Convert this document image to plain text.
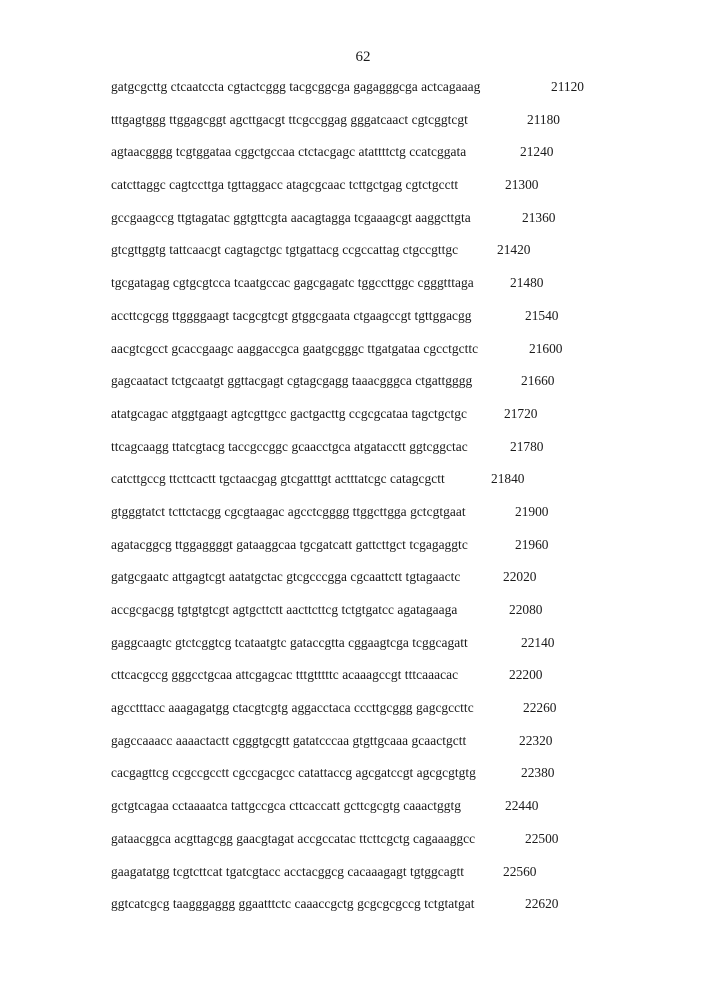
62
gatgcgcttg ctcaatccta cgtactcggg tacgcggcga gagagggcga actcagaaag	21120
tttgagtggg ttggagcggt agcttgacgt ttcgccggag gggatcaact cgtcggtcgt	21180
agtaacgggg tcgtggataa cggctgccaa ctctacgagc atattttctg ccatcggata	21240
catcttaggc cagtccttga tgttaggacc atagcgcaac tcttgctgag cgtctgcctt	21300
gccgaagccg ttgtagatac ggtgttcgta aacagtagga tcgaaagcgt aaggcttgta	21360
gtcgttggtg tattcaacgt cagtagctgc tgtgattacg ccgccattag ctgccgttgc	21420
tgcgatagag cgtgcgtcca tcaatgccac gagcgagatc tggccttggc cgggtttaga	21480
accttcgcgg ttggggaagt tacgcgtcgt gtggcgaata ctgaagccgt tgttggacgg	21540
aacgtcgcct gcaccgaagc aaggaccgca gaatgcgggc ttgatgataa cgcctgcttc	21600
gagcaatact tctgcaatgt ggttacgagt cgtagcgagg taaacgggca ctgattgggg	21660
atatgcagac atggtgaagt agtcgttgcc gactgacttg ccgcgcataa tagctgctgc	21720
ttcagcaagg ttatcgtacg taccgccggc gcaacctgca atgatacctt ggtcggctac	21780
catcttgccg ttcttcactt tgctaacgag gtcgatttgt actttatcgc catagcgctt	21840
gtgggtatct tcttctacgg cgcgtaagac agcctcgggg ttggcttgga gctcgtgaat	21900
agatacggcg ttggaggggt gataaggcaa tgcgatcatt gattcttgct tcgagaggtc	21960
gatgcgaatc attgagtcgt aatatgctac gtcgcccgga cgcaattctt tgtagaactc	22020
accgcgacgg tgtgtgtcgt agtgcttctt aacttcttcg tctgtgatcc agatagaaga	22080
gaggcaagtc gtctcggtcg tcataatgtc gataccgtta cggaagtcga tcggcagatt	22140
cttcacgccg gggcctgcaa attcgagcac tttgtttttc acaaagccgt tttcaaacac	22200
agcctttacc aaagagatgg ctacgtcgtg aggacctaca cccttgcggg gagcgccttc	22260
gagccaaacc aaaactactt cgggtgcgtt gatatcccaa gtgttgcaaa gcaactgctt	22320
cacgagttcg ccgccgcctt cgccgacgcc catattaccg agcgatccgt agcgcgtgtg	22380
gctgtcagaa cctaaaatca tattgccgca cttcaccatt gcttcgcgtg caaactggtg	22440
gataacggca acgttagcgg gaacgtagat accgccatac ttcttcgctg cagaaaggcc	22500
gaagatatgg tcgtcttcat tgatcgtacc acctacggcg cacaaagagt tgtggcagtt	22560
ggtcatcgcg taagggaggg ggaatttctc caaaccgctg gcgcgcgccg tctgtatgat	22620
